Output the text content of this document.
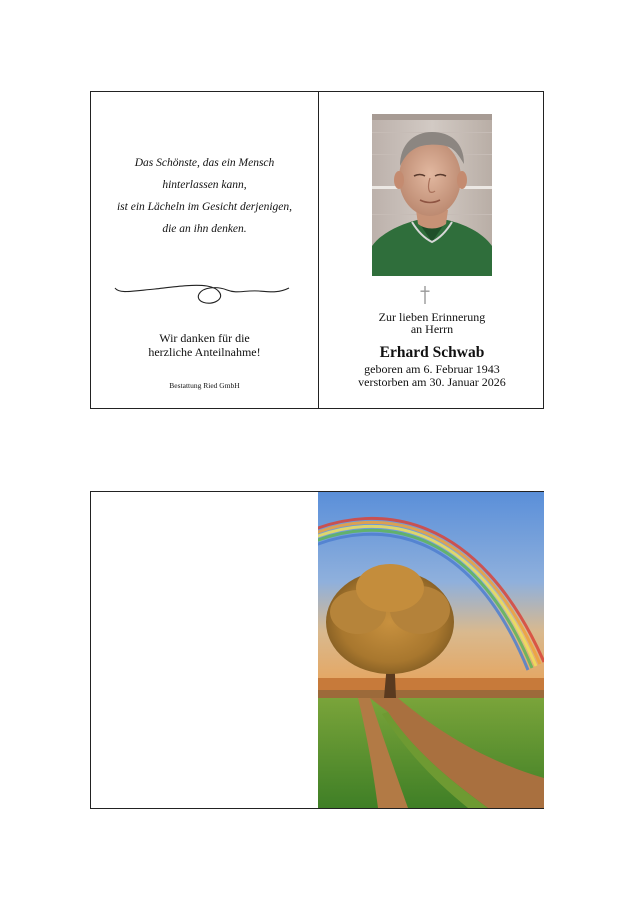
Das Schönste, das ein Mensch
hinterlassen kann,
ist ein Lächeln im Gesicht derjenigen,
die an ihn denken.
Wir danken für die
herzliche Anteilnahme!
Bestattung Ried GmbH
Zur lieben Erinnerung
an Herrn
Erhard Schwab
geboren am 6. Februar 1943
verstorben am 30. Januar 2026
